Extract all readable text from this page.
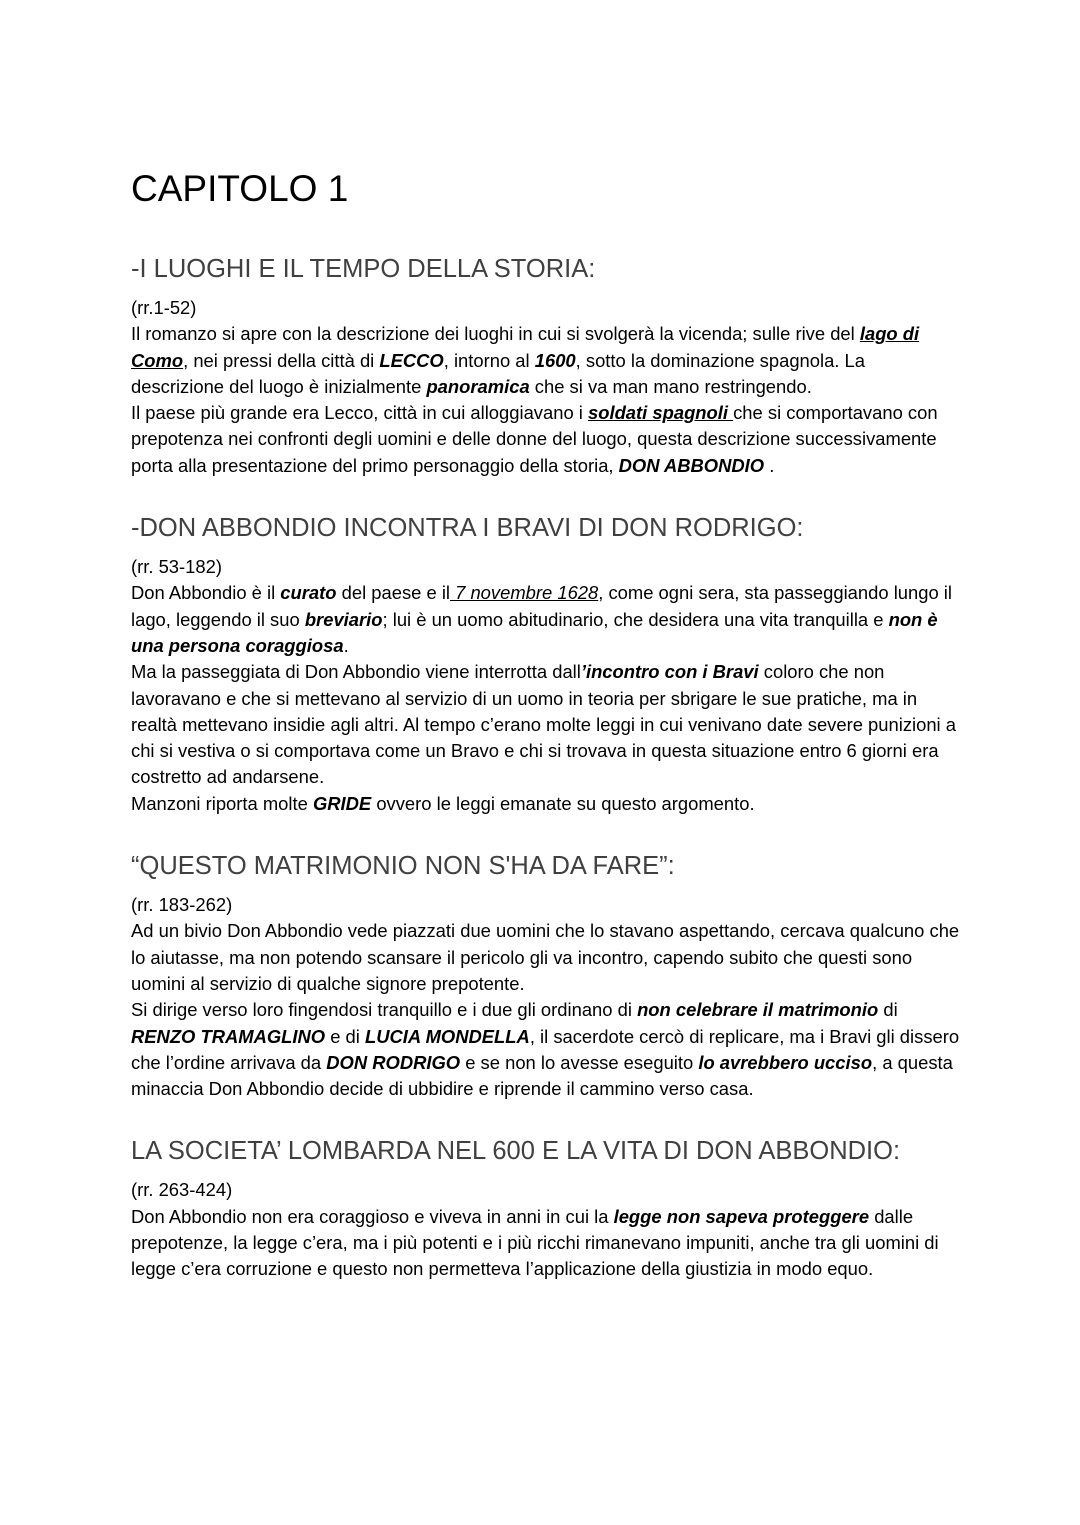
CAPITOLO 1
-I LUOGHI E IL TEMPO DELLA STORIA:

(rr.1-52)

Il romanzo si apre con la descrizione dei luoghi in cui si svolgerà la vicenda; sulle rive del lago di Como, nei pressi della città di LECCO, intorno al 1600, sotto la dominazione spagnola. La descrizione del luogo è inizialmente panoramica che si va man mano restringendo.

Il paese più grande era Lecco, città in cui alloggiavano i soldati spagnoli che si comportavano con prepotenza nei confronti degli uomini e delle donne del luogo, questa descrizione successivamente porta alla presentazione del primo personaggio della storia, DON ABBONDIO .

-DON ABBONDIO INCONTRA I BRAVI DI DON RODRIGO:

(rr. 53-182)

Don Abbondio è il curato del paese e il 7 novembre 1628, come ogni sera, sta passeggiando lungo il lago, leggendo il suo breviario; lui è un uomo abitudinario, che desidera una vita tranquilla e non è una persona coraggiosa.

Ma la passeggiata di Don Abbondio viene interrotta dall’incontro con i Bravi coloro che non lavoravano e che si mettevano al servizio di un uomo in teoria per sbrigare le sue pratiche, ma in realtà mettevano insidie agli altri. Al tempo c’erano molte leggi in cui venivano date severe punizioni a chi si vestiva o si comportava come un Bravo e chi si trovava in questa situazione entro 6 giorni era costretto ad andarsene.

Manzoni riporta molte GRIDE ovvero le leggi emanate su questo argomento.

“QUESTO MATRIMONIO NON S'HA DA FARE”:

(rr. 183-262)

Ad un bivio Don Abbondio vede piazzati due uomini che lo stavano aspettando, cercava qualcuno che lo aiutasse, ma non potendo scansare il pericolo gli va incontro, capendo subito che questi sono uomini al servizio di qualche signore prepotente.

Si dirige verso loro fingendosi tranquillo e i due gli ordinano di non celebrare il matrimonio di RENZO TRAMAGLINO e di LUCIA MONDELLA, il sacerdote cercò di replicare, ma i Bravi gli dissero che l’ordine arrivava da DON RODRIGO e se non lo avesse eseguito lo avrebbero ucciso, a questa minaccia Don Abbondio decide di ubbidire e riprende il cammino verso casa.

LA SOCIETA’ LOMBARDA NEL 600 E LA VITA DI DON ABBONDIO:

(rr. 263-424)

Don Abbondio non era coraggioso e viveva in anni in cui la legge non sapeva proteggere dalle prepotenze, la legge c’era, ma i più potenti e i più ricchi rimanevano impuniti, anche tra gli uomini di legge c’era corruzione e questo non permetteva l’applicazione della giustizia in modo equo.
